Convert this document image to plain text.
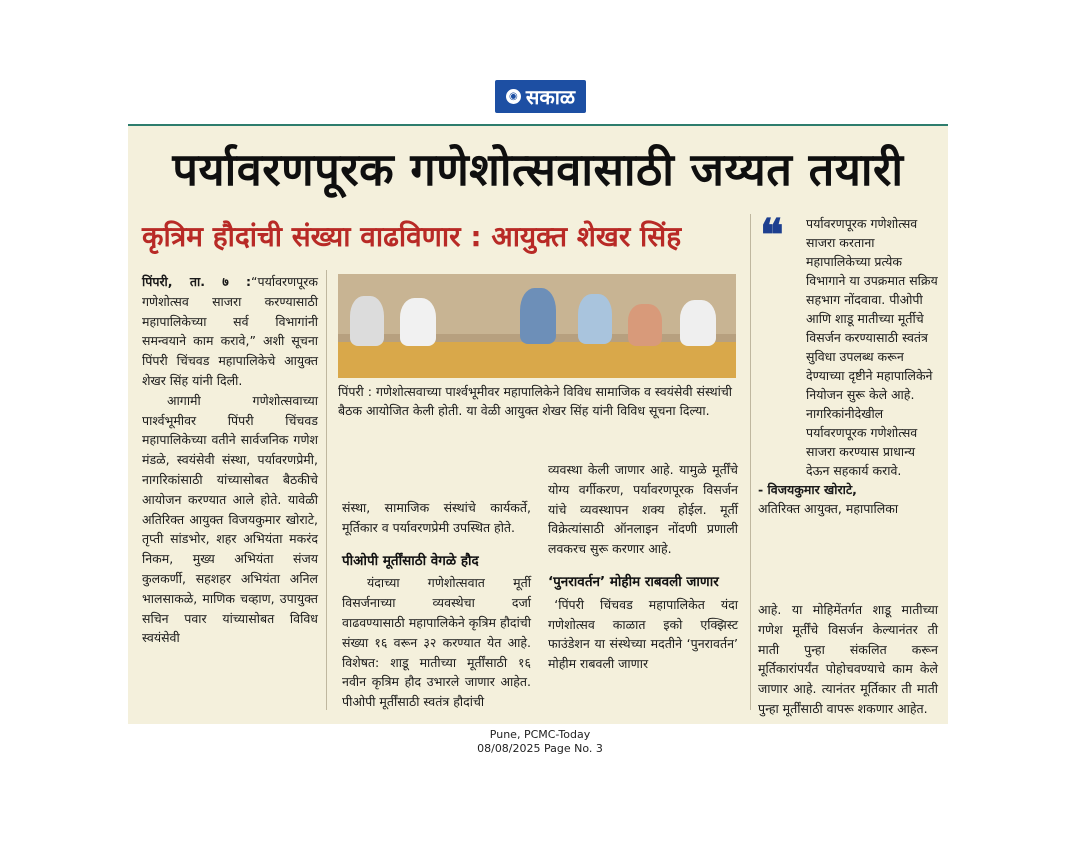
◉ सकाळ
पर्यावरणपूरक गणेशोत्सवासाठी जय्यत तयारी
कृत्रिम हौदांची संख्या वाढविणार : आयुक्त शेखर सिंह

पिंपरी, ता. ७ :“पर्यावरणपूरक गणेशोत्सव साजरा करण्यासाठी महापालिकेच्या सर्व विभागांनी समन्वयाने काम करावे,” अशी सूचना पिंपरी चिंचवड महापालिकेचे आयुक्त शेखर सिंह यांनी दिली.

आगामी गणेशोत्सवाच्या पार्श्वभूमीवर पिंपरी चिंचवड महापालिकेच्या वतीने सार्वजनिक गणेश मंडळे, स्वयंसेवी संस्था, पर्यावरणप्रेमी, नागरिकांसाठी यांच्यासोबत बैठकीचे आयोजन करण्यात आले होते. यावेळी अतिरिक्त आयुक्त विजयकुमार खोराटे, तृप्ती सांडभोर, शहर अभियंता मकरंद निकम, मुख्य अभियंता संजय कुलकर्णी, सहशहर अभियंता अनिल भालसाकळे, माणिक चव्हाण, उपायुक्त सचिन पवार यांच्यासोबत विविध स्वयंसेवी

पिंपरी : गणेशोत्सवाच्या पार्श्वभूमीवर महापालिकेने विविध सामाजिक व स्वयंसेवी संस्थांची बैठक आयोजित केली होती. या वेळी आयुक्त शेखर सिंह यांनी विविध सूचना दिल्या.

संस्था, सामाजिक संस्थांचे कार्यकर्ते, मूर्तिकार व पर्यावरणप्रेमी उपस्थित होते.

पीओपी मूर्तींसाठी वेगळे हौद

यंदाच्या गणेशोत्सवात मूर्ती विसर्जनाच्या व्यवस्थेचा दर्जा वाढवण्यासाठी महापालिकेने कृत्रिम हौदांची संख्या १६ वरून ३२ करण्यात येत आहे. विशेषत: शाडू मातीच्या मूर्तींसाठी १६ नवीन कृत्रिम हौद उभारले जाणार आहेत. पीओपी मूर्तींसाठी स्वतंत्र हौदांची

व्यवस्था केली जाणार आहे. यामुळे मूर्तींचे योग्य वर्गीकरण, पर्यावरणपूरक विसर्जन यांचे व्यवस्थापन शक्य होईल. मूर्ती विक्रेत्यांसाठी ऑनलाइन नोंदणी प्रणाली लवकरच सुरू करणार आहे.

‘पुनरावर्तन’ मोहीम राबवली जाणार

‘पिंपरी चिंचवड महापालिकेत यंदा गणेशोत्सव काळात इको एक्झिस्ट फाउंडेशन या संस्थेच्या मदतीने ‘पुनरावर्तन’ मोहीम राबवली जाणार

❝	पर्यावरणपूरक गणेशोत्सव साजरा करताना महापालिकेच्या प्रत्येक विभागाने या उपक्रमात सक्रिय सहभाग नोंदवावा. पीओपी आणि शाडू मातीच्या मूर्तीचे विसर्जन करण्यासाठी स्वतंत्र सुविधा उपलब्ध करून देण्याच्या दृष्टीने महापालिकेने नियोजन सुरू केले आहे. नागरिकांनीदेखील पर्यावरणपूरक गणेशोत्सव साजरा करण्यास प्राधान्य देऊन सहकार्य करावे.
- विजयकुमार खोराटे,
अतिरिक्त आयुक्त, महापालिका

आहे. या मोहिमेंतर्गत शाडू मातीच्या गणेश मूर्तींचे विसर्जन केल्यानंतर ती माती पुन्हा संकलित करून मूर्तिकारांपर्यंत पोहोचवण्याचे काम केले जाणार आहे. त्यानंतर मूर्तिकार ती माती पुन्हा मूर्तींसाठी वापरू शकणार आहेत.

Pune, PCMC-Today
08/08/2025 Page No. 3
